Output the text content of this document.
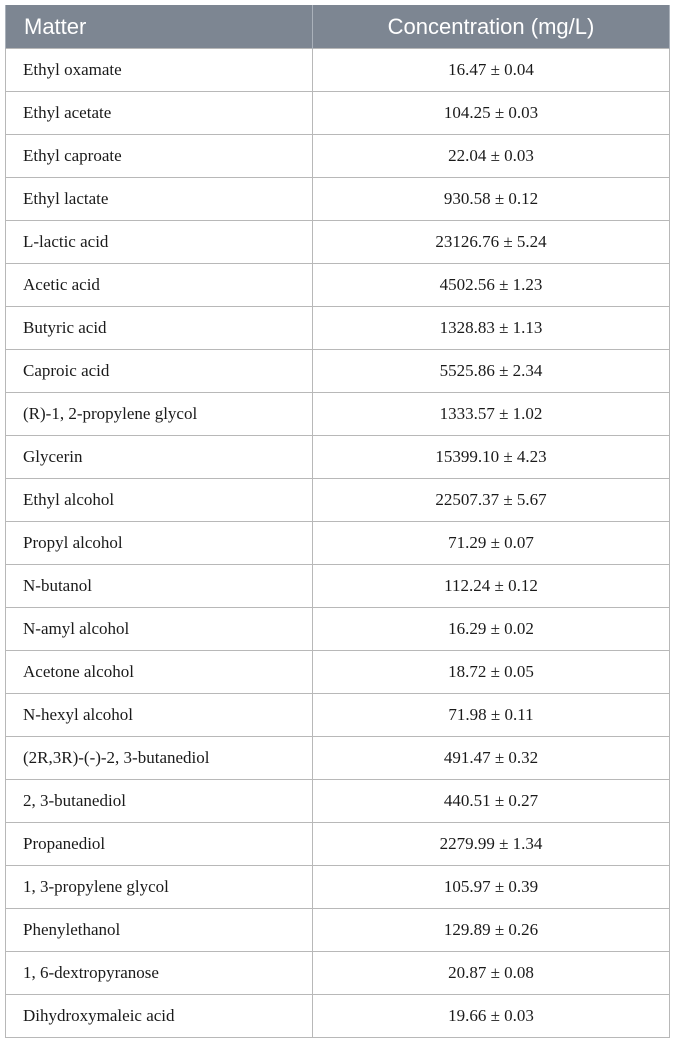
Matter	Concentration (mg/L)
Ethyl oxamate	16.47 ± 0.04
Ethyl acetate	104.25 ± 0.03
Ethyl caproate	22.04 ± 0.03
Ethyl lactate	930.58 ± 0.12
L-lactic acid	23126.76 ± 5.24
Acetic acid	4502.56 ± 1.23
Butyric acid	1328.83 ± 1.13
Caproic acid	5525.86 ± 2.34
(R)-1, 2-propylene glycol	1333.57 ± 1.02
Glycerin	15399.10 ± 4.23
Ethyl alcohol	22507.37 ± 5.67
Propyl alcohol	71.29 ± 0.07
N-butanol	112.24 ± 0.12
N-amyl alcohol	16.29 ± 0.02
Acetone alcohol	18.72 ± 0.05
N-hexyl alcohol	71.98 ± 0.11
(2R,3R)-(-)-2, 3-butanediol	491.47 ± 0.32
2, 3-butanediol	440.51 ± 0.27
Propanediol	2279.99 ± 1.34
1, 3-propylene glycol	105.97 ± 0.39
Phenylethanol	129.89 ± 0.26
1, 6-dextropyranose	20.87 ± 0.08
Dihydroxymaleic acid	19.66 ± 0.03
